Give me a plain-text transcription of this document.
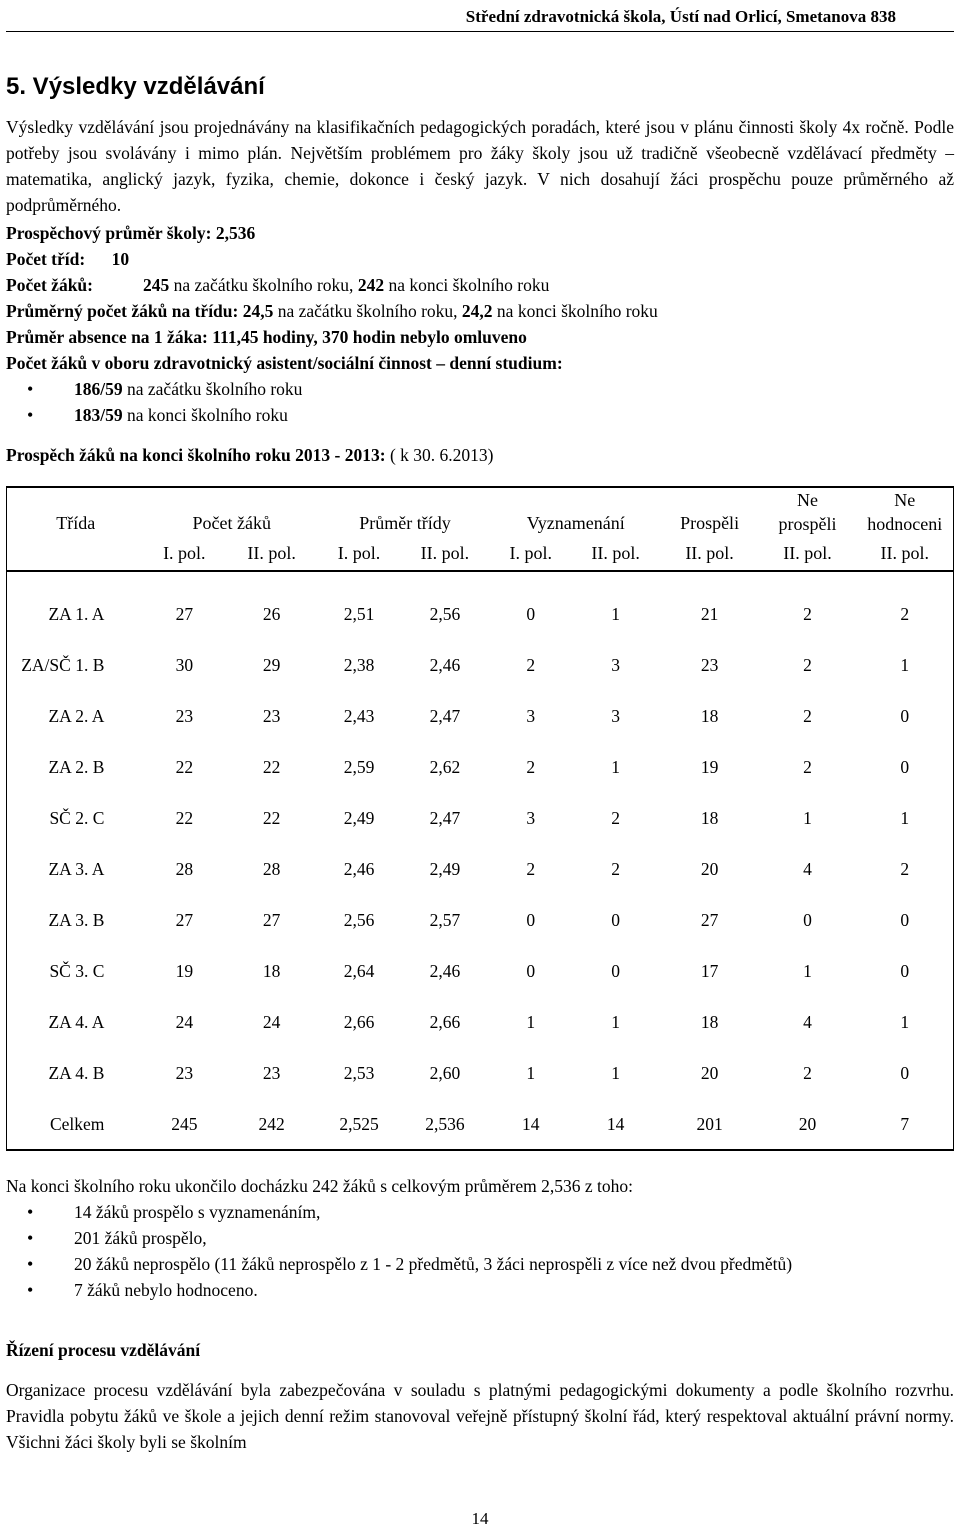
Střední zdravotnická škola, Ústí nad Orlicí, Smetanova 838
5. Výsledky vzdělávání

Výsledky vzdělávání jsou projednávány na klasifikačních pedagogických poradách, které jsou v plánu činnosti školy 4x ročně. Podle potřeby jsou svolávány i mimo plán. Největším problémem pro žáky školy jsou už tradičně všeobecně vzdělávací předměty – matematika, anglický jazyk, fyzika, chemie, dokonce i český jazyk. V nich dosahují žáci prospěchu pouze průměrného až podprůměrného.

Prospěchový průměr školy: 2,536
Počet tříd: 10
Počet žáků:	245 na začátku školního roku, 242 na konci školního roku
Průměrný počet žáků na třídu: 24,5 na začátku školního roku, 24,2 na konci školního roku
Průměr absence na 1 žáka: 111,45 hodiny, 370 hodin nebylo omluveno
Počet žáků v oboru zdravotnický asistent/sociální činnost – denní studium:
• 186/59 na začátku školního roku
• 183/59 na konci školního roku
Prospěch žáků na konci školního roku 2013 - 2013: ( k 30. 6.2013)
Třída	Počet žáků		Průměr třídy		Vyznamenání		Prospěli	Ne prospěli	Ne hodnoceni
	I. pol.	II. pol.	I. pol.	II. pol.	I. pol.	II. pol.	II. pol.	II. pol.	II. pol.

ZA 1. A	27	26	2,51	2,56	0	1	21	2	2
ZA/SČ 1. B	30	29	2,38	2,46	2	3	23	2	1
ZA 2. A	23	23	2,43	2,47	3	3	18	2	0
ZA 2. B	22	22	2,59	2,62	2	1	19	2	0
SČ 2. C	22	22	2,49	2,47	3	2	18	1	1
ZA 3. A	28	28	2,46	2,49	2	2	20	4	2
ZA 3. B	27	27	2,56	2,57	0	0	27	0	0
SČ 3. C	19	18	2,64	2,46	0	0	17	1	0
ZA 4. A	24	24	2,66	2,66	1	1	18	4	1
ZA 4. B	23	23	2,53	2,60	1	1	20	2	0
Celkem	245	242	2,525	2,536	14	14	201	20	7
Na konci školního roku ukončilo docházku 242 žáků s celkovým průměrem 2,536 z toho:
• 14 žáků prospělo s vyznamenáním,
• 201 žáků prospělo,
• 20 žáků neprospělo (11 žáků neprospělo z 1 - 2 předmětů, 3 žáci neprospěli z více než dvou předmětů)
• 7 žáků nebylo hodnoceno.
Řízení procesu vzdělávání

Organizace procesu vzdělávání byla zabezpečována v souladu s platnými pedagogickými dokumenty a podle školního rozvrhu. Pravidla pobytu žáků ve škole a jejich denní režim stanovoval veřejně přístupný školní řád, který respektoval aktuální právní normy. Všichni žáci školy byli se školním

14
